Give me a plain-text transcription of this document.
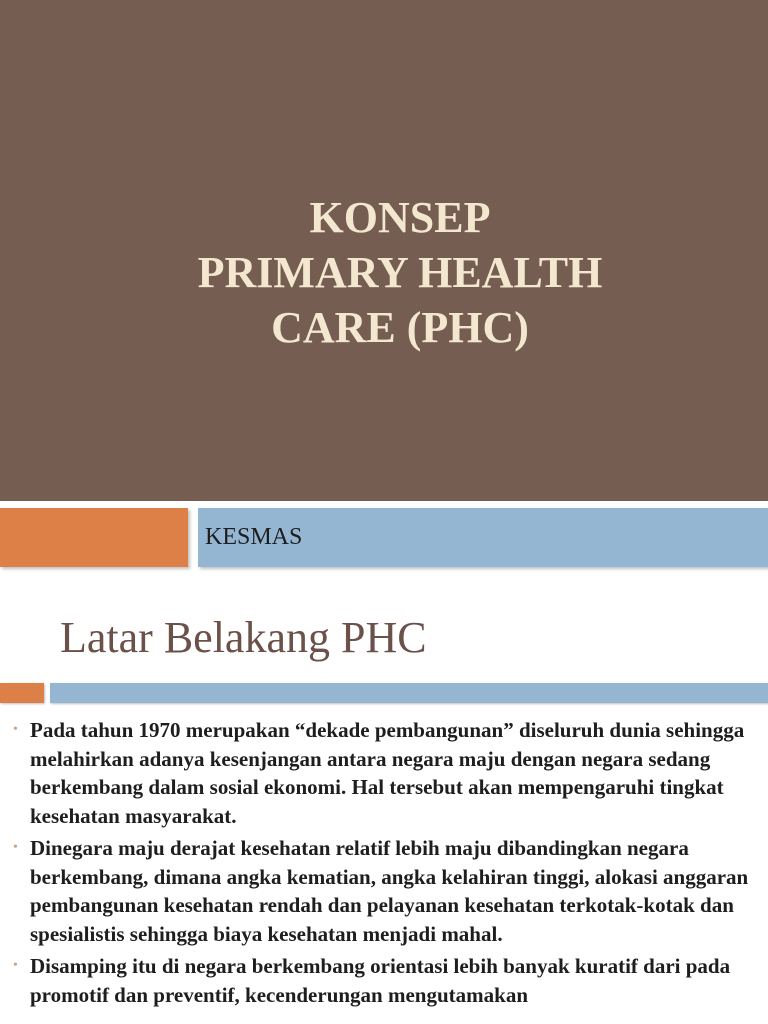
KONSEP
PRIMARY HEALTH
CARE (PHC)
KESMAS
Latar Belakang PHC
• Pada tahun 1970 merupakan “dekade pembangunan” diseluruh dunia sehingga melahirkan adanya kesenjangan antara negara maju dengan negara sedang berkembang dalam sosial ekonomi. Hal tersebut akan mempengaruhi tingkat kesehatan masyarakat.
• Dinegara maju derajat kesehatan relatif lebih maju dibandingkan negara berkembang, dimana angka kematian, angka kelahiran tinggi, alokasi anggaran pembangunan kesehatan rendah dan pelayanan kesehatan terkotak-kotak dan spesialistis sehingga biaya kesehatan menjadi mahal.
• Disamping itu di negara berkembang orientasi lebih banyak kuratif dari pada promotif dan preventif, kecenderungan mengutamakan
